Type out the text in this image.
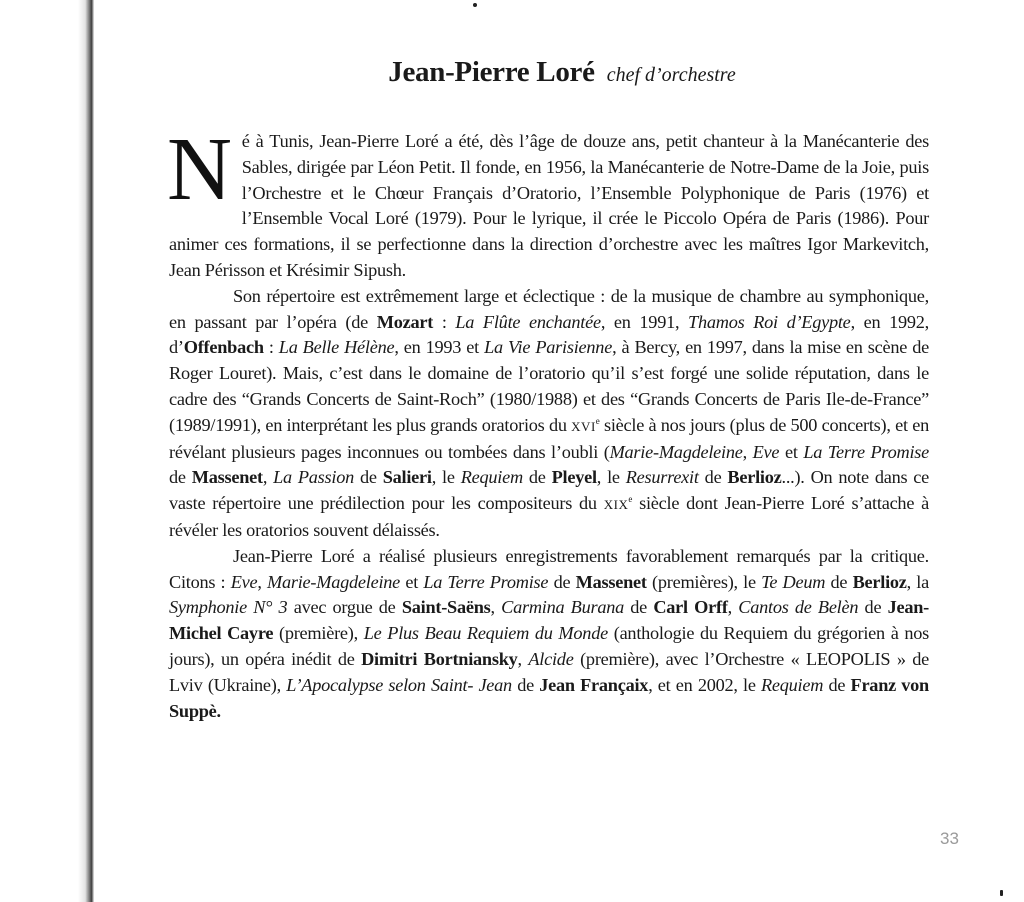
Jean-Pierre Loré chef d’orchestre

Né à Tunis, Jean-Pierre Loré a été, dès l’âge de douze ans, petit chanteur à la Manécanterie des Sables, dirigée par Léon Petit. Il fonde, en 1956, la Manécanterie de Notre-Dame de la Joie, puis l’Orchestre et le Chœur Français d’Oratorio, l’Ensemble Polyphonique de Paris (1976) et l’Ensemble Vocal Loré (1979). Pour le lyrique, il crée le Piccolo Opéra de Paris (1986). Pour animer ces formations, il se perfectionne dans la direction d’orchestre avec les maîtres Igor Markevitch, Jean Périsson et Krésimir Sipush.

Son répertoire est extrêmement large et éclectique : de la musique de chambre au symphonique, en passant par l’opéra (de Mozart : La Flûte enchantée, en 1991, Thamos Roi d’Egypte, en 1992, d’Offenbach : La Belle Hélène, en 1993 et La Vie Parisienne, à Bercy, en 1997, dans la mise en scène de Roger Louret). Mais, c’est dans le domaine de l’oratorio qu’il s’est forgé une solide réputation, dans le cadre des “Grands Concerts de Saint-Roch” (1980/1988) et des “Grands Concerts de Paris Ile-de-France” (1989/1991), en interprétant les plus grands oratorios du XVIe siècle à nos jours (plus de 500 concerts), et en révélant plusieurs pages inconnues ou tombées dans l’oubli (Marie-Magdeleine, Eve et La Terre Promise de Massenet, La Passion de Salieri, le Requiem de Pleyel, le Resurrexit de Berlioz...). On note dans ce vaste répertoire une prédilection pour les compositeurs du XIXe siècle dont Jean-Pierre Loré s’attache à révéler les oratorios souvent délaissés.

Jean-Pierre Loré a réalisé plusieurs enregistrements favorablement remarqués par la critique. Citons : Eve, Marie-Magdeleine et La Terre Promise de Massenet (premières), le Te Deum de Berlioz, la Symphonie N° 3 avec orgue de Saint-Saëns, Carmina Burana de Carl Orff, Cantos de Belèn de Jean-Michel Cayre (première), Le Plus Beau Requiem du Monde (anthologie du Requiem du grégorien à nos jours), un opéra inédit de Dimitri Bortniansky, Alcide (première), avec l’Orchestre « LEOPOLIS » de Lviv (Ukraine), L’Apocalypse selon Saint- Jean de Jean Françaix, et en 2002, le Requiem de Franz von Suppè.

33
